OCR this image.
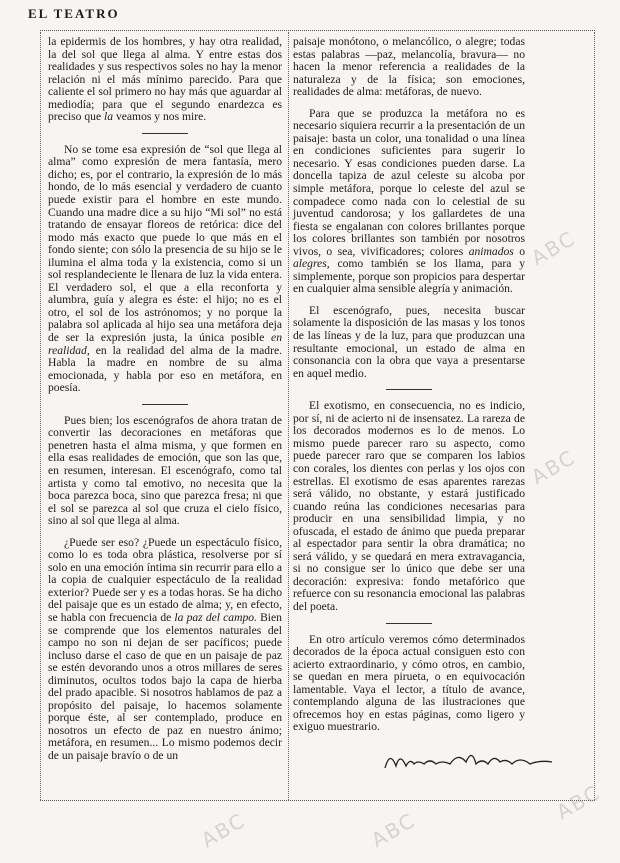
EL TEATRO

la epidermis de los hombres, y hay otra realidad, la del sol que llega al alma. Y entre estas dos realidades y sus respectivos soles no hay la menor relación ni el más mínimo parecido. Para que caliente el sol primero no hay más que aguardar al mediodía; para que el segundo enardezca es preciso que la veamos y nos mire.

No se tome esa expresión de “sol que llega al alma” como expresión de mera fantasía, mero dicho; es, por el contrario, la expresión de lo más hondo, de lo más esencial y verdadero de cuanto puede existir para el hombre en este mundo. Cuando una madre dice a su hijo “Mi sol” no está tratando de ensayar floreos de retórica: dice del modo más exacto que puede lo que más en el fondo siente; con sólo la presencia de su hijo se le ilumina el alma toda y la existencia, como si un sol resplandeciente le llenara de luz la vida entera. El verdadero sol, el que a ella reconforta y alumbra, guía y alegra es éste: el hijo; no es el otro, el sol de los astrónomos; y no porque la palabra sol aplicada al hijo sea una metáfora deja de ser la expresión justa, la única posible en realidad, en la realidad del alma de la madre. Habla la madre en nombre de su alma emocionada, y habla por eso en metáfora, en poesía.

Pues bien; los escenógrafos de ahora tratan de convertir las decoraciones en metáforas que penetren hasta el alma misma, y que formen en ella esas realidades de emoción, que son las que, en resumen, interesan. El escenógrafo, como tal artista y como tal emotivo, no necesita que la boca parezca boca, sino que parezca fresa; ni que el sol se parezca al sol que cruza el cielo físico, sino al sol que llega al alma.

¿Puede ser eso? ¿Puede un espectáculo físico, como lo es toda obra plástica, resolverse por sí solo en una emoción íntima sin recurrir para ello a la copia de cualquier espectáculo de la realidad exterior? Puede ser y es a todas horas. Se ha dicho del paisaje que es un estado de alma; y, en efecto, se habla con frecuencia de la paz del campo. Bien se comprende que los elementos naturales del campo no son ni dejan de ser pacíficos; puede incluso darse el caso de que en un paisaje de paz se estén devorando unos a otros millares de seres diminutos, ocultos todos bajo la capa de hierba del prado apacible. Si nosotros hablamos de paz a propósito del paisaje, lo hacemos solamente porque éste, al ser contemplado, produce en nosotros un efecto de paz en nuestro ánimo; metáfora, en resumen... Lo mismo podemos decir de un paisaje bravío o de un

paisaje monótono, o melancólico, o alegre; todas estas palabras —paz, melancolía, bravura— no hacen la menor referencia a realidades de la naturaleza y de la física; son emociones, realidades de alma: metáforas, de nuevo.

Para que se produzca la metáfora no es necesario siquiera recurrir a la presentación de un paisaje: basta un color, una tonalidad o una línea en condiciones suficientes para sugerir lo necesario. Y esas condiciones pueden darse. La doncella tapiza de azul celeste su alcoba por simple metáfora, porque lo celeste del azul se compadece como nada con lo celestial de su juventud candorosa; y los gallardetes de una fiesta se engalanan con colores brillantes porque los colores brillantes son también por nosotros vivos, o sea, vivificadores; colores animados o alegres, como también se los llama, para y simplemente, porque son propicios para despertar en cualquier alma sensible alegría y animación.

El escenógrafo, pues, necesita buscar solamente la disposición de las masas y los tonos de las líneas y de la luz, para que produzcan una resultante emocional, un estado de alma en consonancia con la obra que vaya a presentarse en aquel medio.

El exotismo, en consecuencia, no es indicio, por sí, ni de acierto ni de insensatez. La rareza de los decorados modernos es lo de menos. Lo mismo puede parecer raro su aspecto, como puede parecer raro que se comparen los labios con corales, los dientes con perlas y los ojos con estrellas. El exotismo de esas aparentes rarezas será válido, no obstante, y estará justificado cuando reúna las condiciones necesarias para producir en una sensibilidad limpia, y no ofuscada, el estado de ánimo que pueda preparar al espectador para sentir la obra dramática; no será válido, y se quedará en mera extravagancia, si no consigue ser lo único que debe ser una decoración: expresiva: fondo metafórico que refuerce con su resonancia emocional las palabras del poeta.

En otro artículo veremos cómo determinados decorados de la época actual consiguen esto con acierto extraordinario, y cómo otros, en cambio, se quedan en mera pirueta, o en equivocación lamentable. Vaya el lector, a título de avance, contemplando alguna de las ilustraciones que ofrecemos hoy en estas páginas, como ligero y exiguo muestrario.

ABC
ABC
ABC
ABC	ABC
